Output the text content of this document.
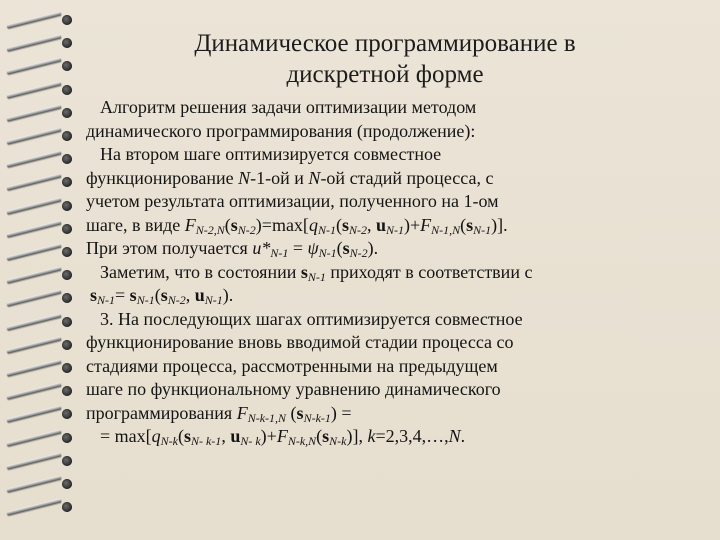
Динамическое программирование в
дискретной форме

Алгоритм решения задачи оптимизации методом
динамического программирования (продолжение):

На втором шаге оптимизируется совместное
функционирование N-1-ой и N-ой стадий процесса, с
учетом результата оптимизации, полученного на 1-ом
шаге, в виде $F_{N-2,N}(s_{N-2})=\max[q_{N-1}(s_{N-2}$, $u_{N-1})+F_{N-1,N}(s_{N-1})$].
При этом получается $u*_{N-1} = \psi_{N-1}(s_{N-2})$.

Заметим, что в состоянии $s_{N-1}$ приходят в соответствии с
$s_{N-1}= s_{N-1}(s_{N-2}$, $u_{N-1}$).

3. На последующих шагах оптимизируется совместное
функционирование вновь вводимой стадии процесса со
стадиями процесса, рассмотренными на предыдущем
шаге по функциональному уравнению динамического
программирования $F_{N-k-1,N}$ $(s_{N-k-1})$ =

= $\max[q_{N-k}(s_{N- k-1}$, $u_{N- k})+F_{N-k,N}(s_{N-k})$], k=2,3,4,…,N.
